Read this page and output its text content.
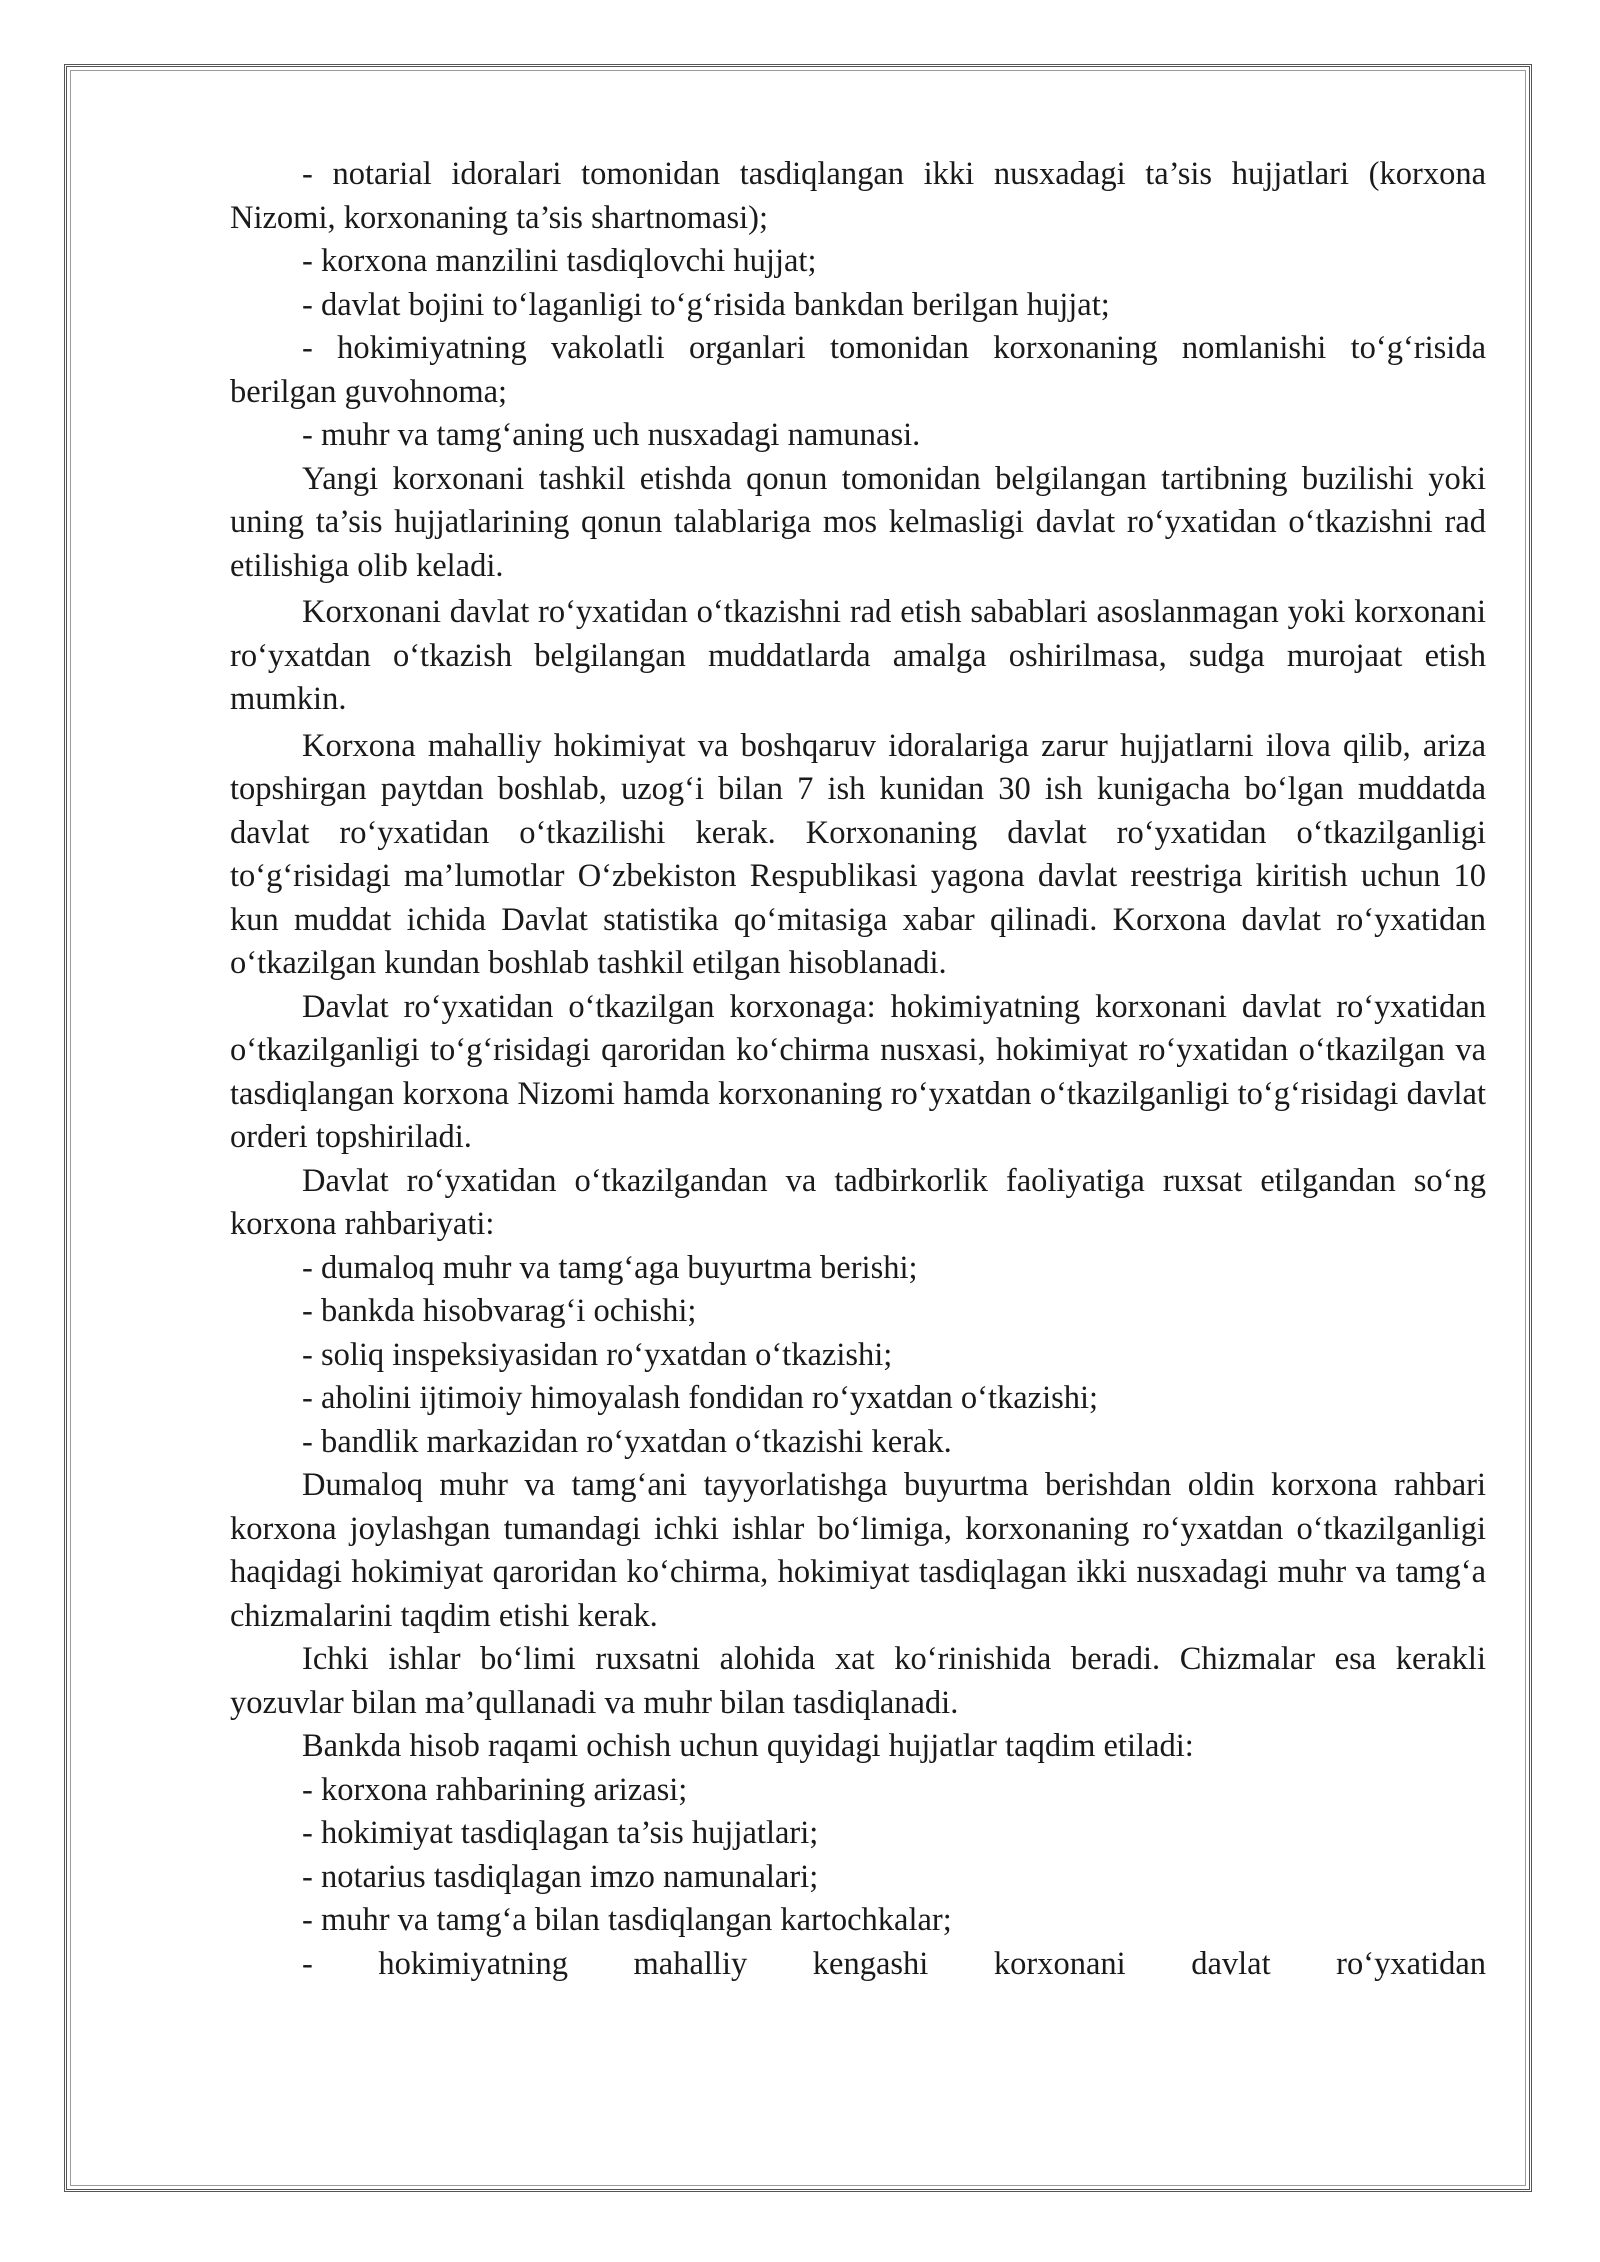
- notarial idoralari tomonidan tasdiqlangan ikki nusxadagi ta’sis hujjatlari (korxona Nizomi, korxonaning ta’sis shartnomasi);

- korxona manzilini tasdiqlovchi hujjat;

- davlat bojini to‘laganligi to‘g‘risida bankdan berilgan hujjat;

- hokimiyatning vakolatli organlari tomonidan korxonaning nomlanishi to‘g‘risida berilgan guvohnoma;

- muhr va tamg‘aning uch nusxadagi namunasi.

Yangi korxonani tashkil etishda qonun tomonidan belgilangan tartibning buzilishi yoki uning ta’sis hujjatlarining qonun talablariga mos kelmasligi davlat ro‘yxatidan o‘tkazishni rad etilishiga olib keladi.

Korxonani davlat ro‘yxatidan o‘tkazishni rad etish sabablari asoslanmagan yoki korxonani ro‘yxatdan o‘tkazish belgilangan muddatlarda amalga oshirilmasa, sudga murojaat etish mumkin.

Korxona mahalliy hokimiyat va boshqaruv idoralariga zarur hujjatlarni ilova qilib, ariza topshirgan paytdan boshlab, uzog‘i bilan 7 ish kunidan 30 ish kunigacha bo‘lgan muddatda davlat ro‘yxatidan o‘tkazilishi kerak. Korxonaning davlat ro‘yxatidan o‘tkazilganligi to‘g‘risidagi ma’lumotlar O‘zbekiston Respublikasi yagona davlat reestriga kiritish uchun 10 kun muddat ichida Davlat statistika qo‘mitasiga xabar qilinadi. Korxona davlat ro‘yxatidan o‘tkazilgan kundan boshlab tashkil etilgan hisoblanadi.

Davlat ro‘yxatidan o‘tkazilgan korxonaga: hokimiyatning korxonani davlat ro‘yxatidan o‘tkazilganligi to‘g‘risidagi qaroridan ko‘chirma nusxasi, hokimiyat ro‘yxatidan o‘tkazilgan va tasdiqlangan korxona Nizomi hamda korxonaning ro‘yxatdan o‘tkazilganligi to‘g‘risidagi davlat orderi topshiriladi.

Davlat ro‘yxatidan o‘tkazilgandan va tadbirkorlik faoliyatiga ruxsat etilgandan so‘ng korxona rahbariyati:

- dumaloq muhr va tamg‘aga buyurtma berishi;

- bankda hisobvarag‘i ochishi;

- soliq inspeksiyasidan ro‘yxatdan o‘tkazishi;

- aholini ijtimoiy himoyalash fondidan ro‘yxatdan o‘tkazishi;

- bandlik markazidan ro‘yxatdan o‘tkazishi kerak.

Dumaloq muhr va tamg‘ani tayyorlatishga buyurtma berishdan oldin korxona rahbari korxona joylashgan tumandagi ichki ishlar bo‘limiga, korxonaning ro‘yxatdan o‘tkazilganligi haqidagi hokimiyat qaroridan ko‘chirma, hokimiyat tasdiqlagan ikki nusxadagi muhr va tamg‘a chizmalarini taqdim etishi kerak.

Ichki ishlar bo‘limi ruxsatni alohida xat ko‘rinishida beradi. Chizmalar esa kerakli yozuvlar bilan ma’qullanadi va muhr bilan tasdiqlanadi.

Bankda hisob raqami ochish uchun quyidagi hujjatlar taqdim etiladi:

- korxona rahbarining arizasi;

- hokimiyat tasdiqlagan ta’sis hujjatlari;

- notarius tasdiqlagan imzo namunalari;

- muhr va tamg‘a bilan tasdiqlangan kartochkalar;

- hokimiyatning mahalliy kengashi korxonani davlat ro‘yxatidan
